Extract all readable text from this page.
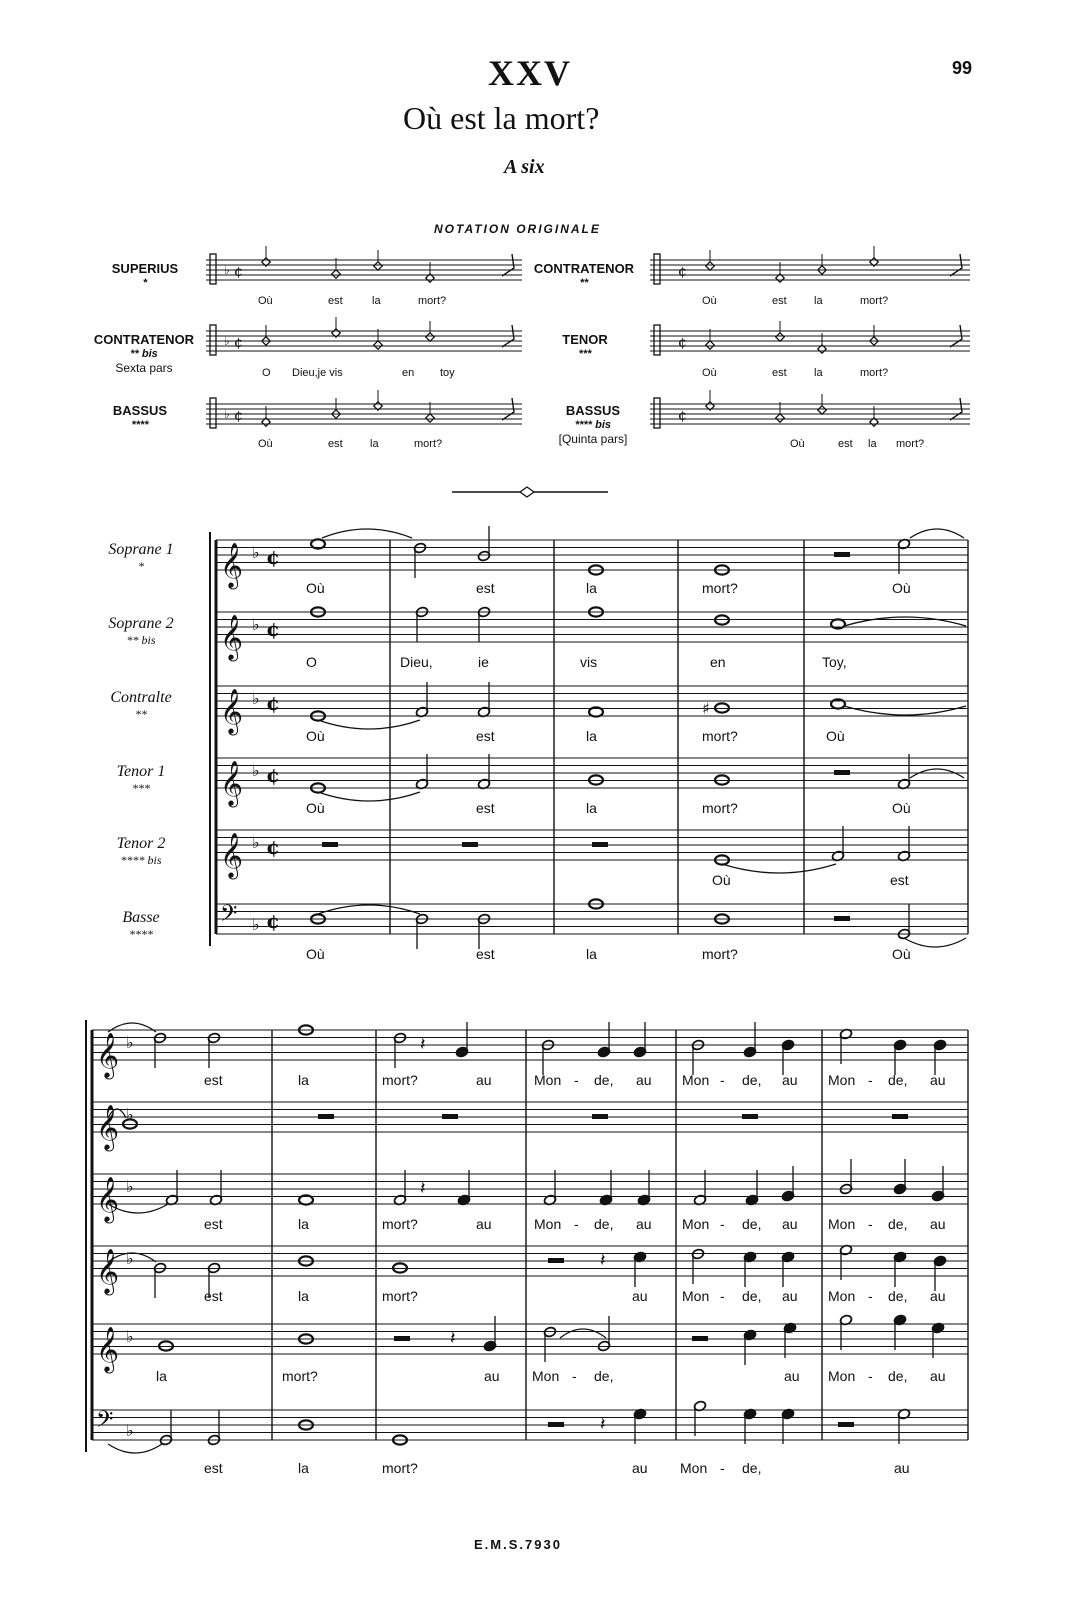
XXV	99
Où est la mort?
A six
NOTATION ORIGINALE
SUPERIUS
*
CONTRATENOR
**
CONTRATENOR
** bis
Sexta pars
TENOR
***
BASSUS
****
BASSUS
**** bis
[Quinta pars]
Où	est	la	mort?	Où	est la	mort?
O Dieu,je vis	en toy	Où	est la	mort?
Où	est la	mort?	Où	est la mort?
Soprane 1
*
Soprane 2
** bis
Contralte
**
Tenor 1
***
Tenor 2
**** bis
Basse
****
Où	est	la	mort?	Où
O	Dieu,	ie	vis	en	Toy,
Où	est	la	mort?	Où
Où	est	la	mort?	Où
Où	est
Où	est	la	mort?	Où
est	la	mort?	au	Mon - de, au Mon - de, au Mon - de, au
est	la	mort?	au	Mon - de, au Mon - de, au Mon - de, au
est	la	mort?	au Mon - de, au Mon - de, au
la	mort?	au Mon - de,	au Mon - de, au
est	la	mort?	au Mon - de,	au
E.M.S.7930
♭ ¢	¢
♭ ¢	¢
♭ ¢	¢
𝄞 ♭ ¢
𝄞 ♭ ¢
𝄞 ♭ ¢
𝄞 ♭ ¢
𝄞 ♭ ¢
𝄢 ♭ ¢
♯
𝄞 ♭
𝄞 ♭
𝄞 ♭
𝄞 ♭
𝄞 ♭
𝄢 ♭
𝄽
𝄽
𝄽
𝄽
𝄽
